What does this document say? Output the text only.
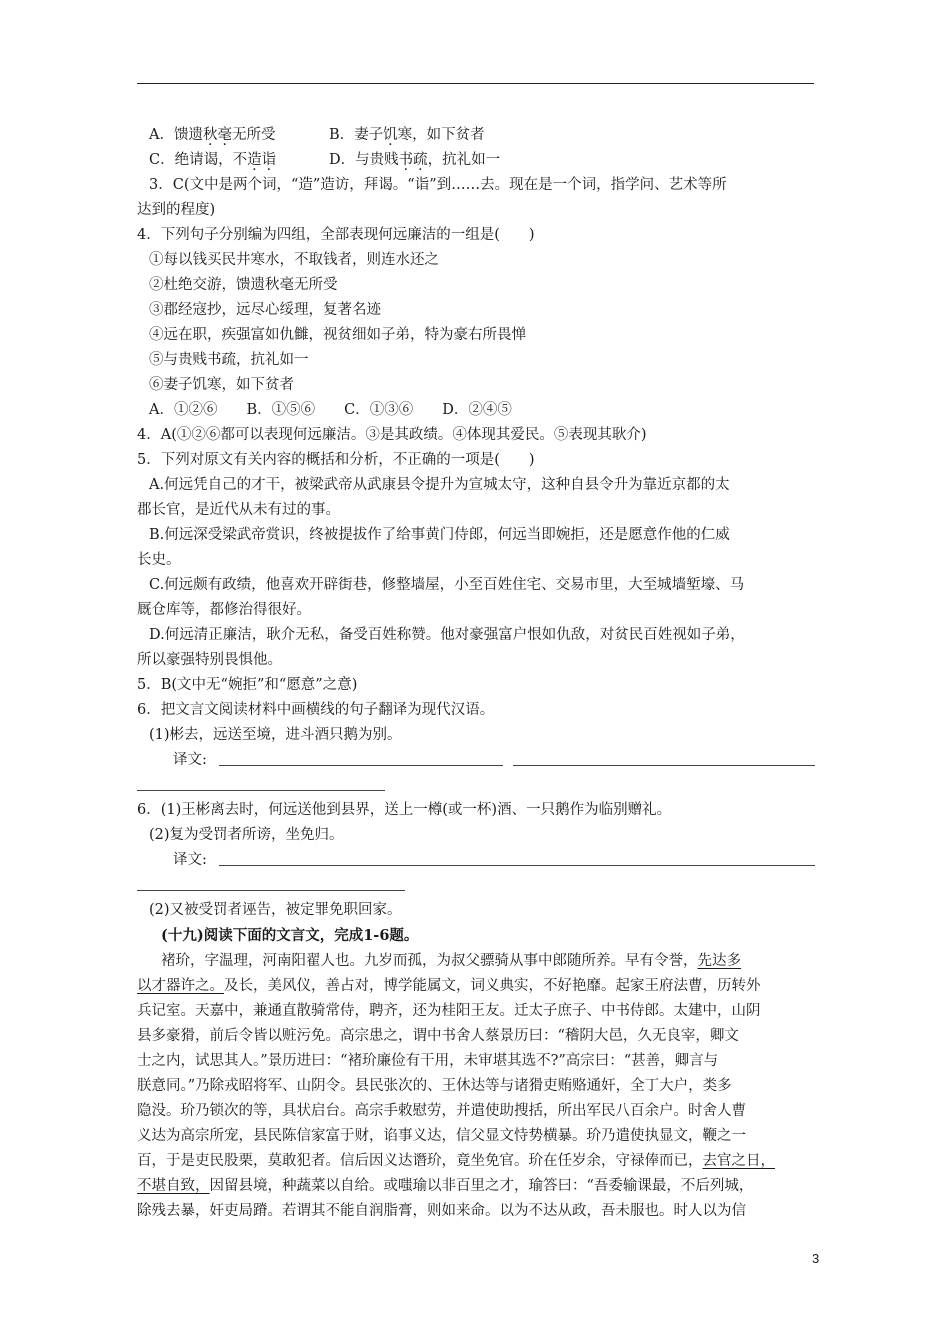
A．馈遗秋毫无所受	B．妻子饥寒，如下贫者
C．绝请谒，不造诣	D．与贵贱书疏，抗礼如一
3．C(文中是两个词，“造”造访，拜谒。“诣”到……去。现在是一个词，指学问、艺术等所
达到的程度)
4．下列句子分别编为四组，全部表现何远廉洁的一组是(　　)
①每以钱买民井寒水，不取钱者，则连水还之
②杜绝交游，馈遗秋毫无所受
③郡经寇抄，远尽心绥理，复著名迹
④远在职，疾强富如仇雠，视贫细如子弟，特为豪右所畏惮
⑤与贵贱书疏，抗礼如一
⑥妻子饥寒，如下贫者
A．①②⑥　　B．①⑤⑥　　C．①③⑥　　D．②④⑤
4．A(①②⑥都可以表现何远廉洁。③是其政绩。④体现其爱民。⑤表现其耿介)
5．下列对原文有关内容的概括和分析，不正确的一项是(　　)
A.何远凭自己的才干，被梁武帝从武康县令提升为宣城太守，这种自县令升为靠近京都的太
郡长官，是近代从未有过的事。
B.何远深受梁武帝赏识，终被提拔作了给事黄门侍郎，何远当即婉拒，还是愿意作他的仁威
长史。
C.何远颇有政绩，他喜欢开辟街巷，修整墙屋，小至百姓住宅、交易市里，大至城墙堑壕、马
厩仓库等，都修治得很好。
D.何远清正廉洁，耿介无私，备受百姓称赞。他对豪强富户恨如仇敌，对贫民百姓视如子弟，
所以豪强特别畏惧他。
5．B(文中无“婉拒”和“愿意”之意)
6．把文言文阅读材料中画横线的句子翻译为现代汉语。
(1)彬去，远送至境，进斗酒只鹅为别。
译文:
6．(1)王彬离去时，何远送他到县界，送上一樽(或一杯)酒、一只鹅作为临别赠礼。
(2)复为受罚者所谤，坐免归。
译文:
(2)又被受罚者诬告，被定罪免职回家。
(十九)阅读下面的文言文，完成1-6题。
褚玠，字温理，河南阳翟人也。九岁而孤，为叔父骠骑从事中郎随所养。早有令誉，先达多
以才器许之。及长，美风仪，善占对，博学能属文，词义典实，不好艳靡。起家王府法曹，历转外
兵记室。天嘉中，兼通直散骑常侍，聘齐，还为桂阳王友。迁太子庶子、中书侍郎。太建中，山阴
县多豪猾，前后令皆以赃污免。高宗患之，谓中书舍人蔡景历曰：“稽阴大邑，久无良宰，卿文
士之内，试思其人。”景历进曰：“褚玠廉俭有干用，未审堪其选不?”高宗曰：“甚善，卿言与
朕意同。”乃除戎昭将军、山阴令。县民张次的、王休达等与诸猾吏贿赂通奸，全丁大户，类多
隐没。玠乃锁次的等，具状启台。高宗手敕慰劳，并遣使助搜括，所出军民八百余户。时舍人曹
义达为高宗所宠，县民陈信家富于财，谄事义达，信父显文恃势横暴。玠乃遣使执显文，鞭之一
百，于是吏民股栗，莫敢犯者。信后因义达谮玠，竟坐免官。玠在任岁余，守禄俸而已，去官之日，
不堪自致，因留县境，种蔬菜以自给。或嗤瑜以非百里之才，瑜答曰：“吾委输课最，不后列城，
除残去暴，奸吏局蹐。若谓其不能自润脂膏，则如来命。以为不达从政，吾未服也。时人以为信
3
